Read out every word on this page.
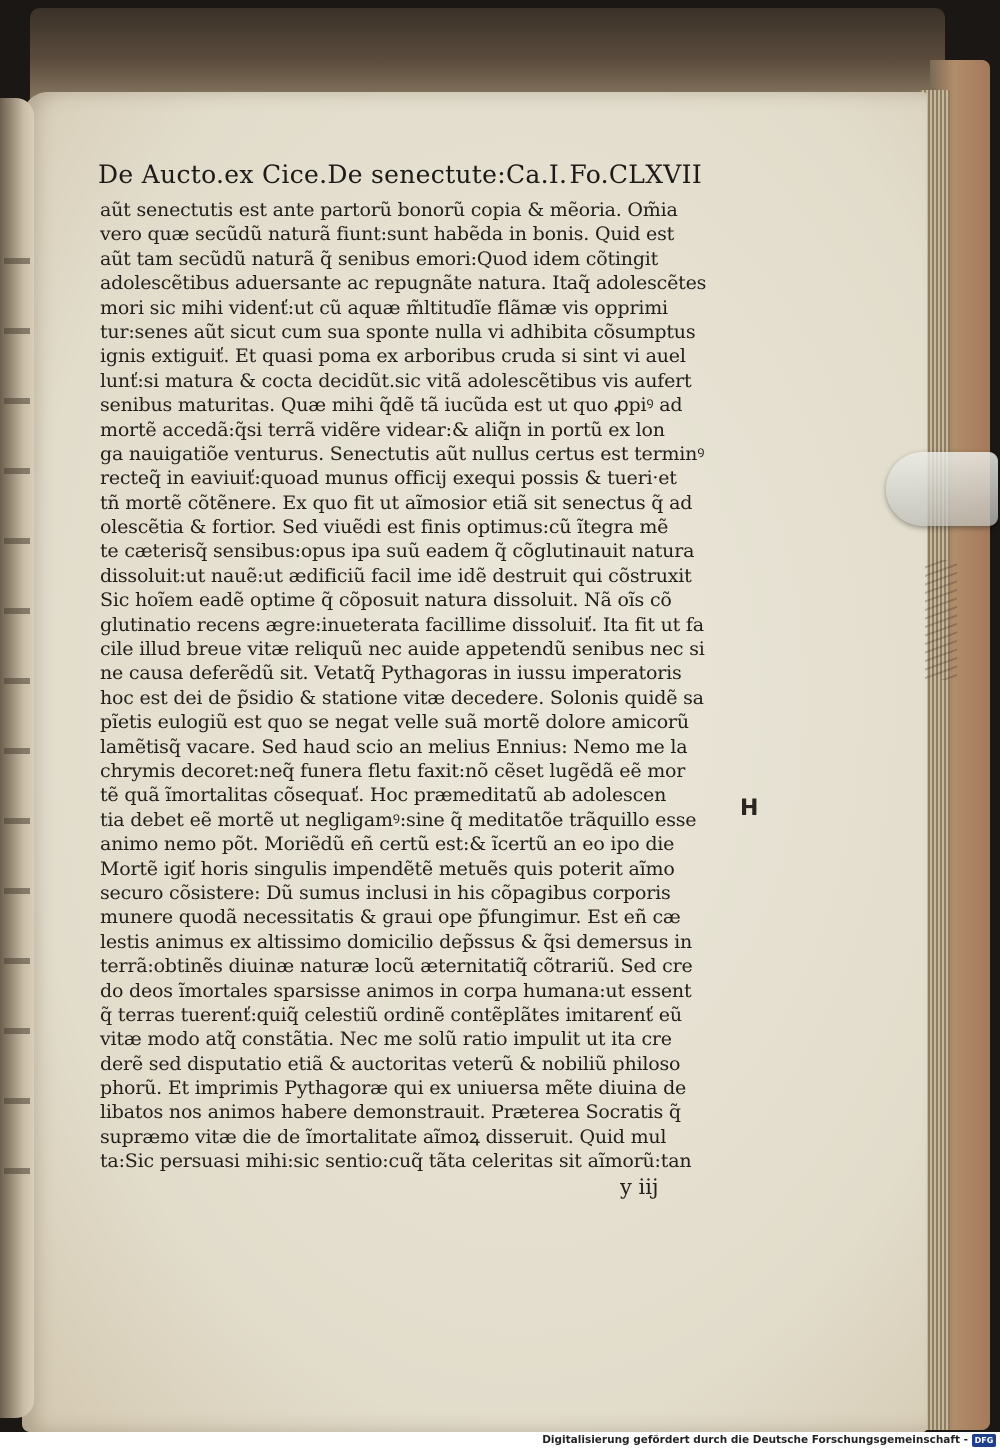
De Aucto.ex Cice.De senectute:Ca.I. Fo.CLXVII
aũt senectutis est ante partorũ bonorũ copia & mẽoria. Om̃ia
vero quæ secũdũ naturã fiunt:sunt habẽda in bonis. Quid est
aũt tam secũdũ naturã q̃ senibus emori:Quod idem cõtingit
adolescẽtibus aduersante ac repugnãte natura. Itaq̃ adolescẽtes
mori sic mihi videnť:ut cũ aquæ m̃ltitudĩe flãmæ vis opprimi
tur:senes aũt sicut cum sua sponte nulla vi adhibita cõsumptus
ignis extiguiť. Et quasi poma ex arboribus cruda si sint vi auel
lunť:si matura & cocta decidũt.sic vitã adolescẽtibus vis aufert
senibus maturitas. Quæ mihi q̃dẽ tã iucũda est ut quo ꝓpiꝰ ad
mortẽ accedã:q̃si terrã vidẽre videar:& aliq̃n in portũ ex lon
ga nauigatiõe venturus. Senectutis aũt nullus certus est terminꝰ
recteq̃ in eaviuiť:quoad munus officij exequi possis & tueri·et
tñ mortẽ cõtẽnere. Ex quo fit ut aĩmosior etiã sit senectus q̃ ad
olescẽtia & fortior. Sed viuẽdi est finis optimus:cũ ĩtegra mẽ
te cæterisq̃ sensibus:opus ipa suũ eadem q̃ cõglutinauit natura
dissoluit:ut nauẽ:ut ædificiũ facil ime idẽ destruit qui cõstruxit
Sic hoĩem eadẽ optime q̃ cõposuit natura dissoluit. Nã oĩs cõ
glutinatio recens ægre:inueterata facillime dissoluiť. Ita fit ut fa
cile illud breue vitæ reliquũ nec auide appetendũ senibus nec si
ne causa deferẽdũ sit. Vetatq̃ Pythagoras in iussu imperatoris
hoc est dei de p̃sidio & statione vitæ decedere. Solonis quidẽ sa
pĩetis eulogiũ est quo se negat velle suã mortẽ dolore amicorũ
lamẽtisq̃ vacare. Sed haud scio an melius Ennius: Nemo me la
chrymis decoret:neq̃ funera fletu faxit:nõ cẽset lugẽdã eẽ mor
tẽ quã ĩmortalitas cõsequať. Hoc præmeditatũ ab adolescen
tia debet eẽ mortẽ ut negligamꝰ:sine q̃ meditatõe trãquillo esse
animo nemo põt. Moriẽdũ eñ certũ est:& ĩcertũ an eo ipo die
Mortẽ igiť horis singulis impendẽtẽ metuẽs quis poterit aĩmo
securo cõsistere: Dũ sumus inclusi in his cõpagibus corporis
munere quodã necessitatis & graui ope p̃fungimur. Est eñ cæ
lestis animus ex altissimo domicilio dep̃ssus & q̃si demersus in
terrã:obtinẽs diuinæ naturæ locũ æternitatiq̃ cõtrariũ. Sed cre
do deos ĩmortales sparsisse animos in corpa humana:ut essent
q̃ terras tuerenť:quiq̃ celestiũ ordinẽ contẽplãtes imitarenť eũ
vitæ modo atq̃ constãtia. Nec me solũ ratio impulit ut ita cre
derẽ sed disputatio etiã & auctoritas veterũ & nobiliũ philoso
phorũ. Et imprimis Pythagoræ qui ex uniuersa mẽte diuina de
libatos nos animos habere demonstrauit. Præterea Socratis q̃
supræmo vitæ die de ĩmortalitate aĩmoꝝ disseruit. Quid mul
ta:Sic persuasi mihi:sic sentio:cuq̃ tãta celeritas sit aĩmorũ:tan
y iij
H
Digitalisierung gefördert durch die Deutsche Forschungsgemeinschaft - DFG
